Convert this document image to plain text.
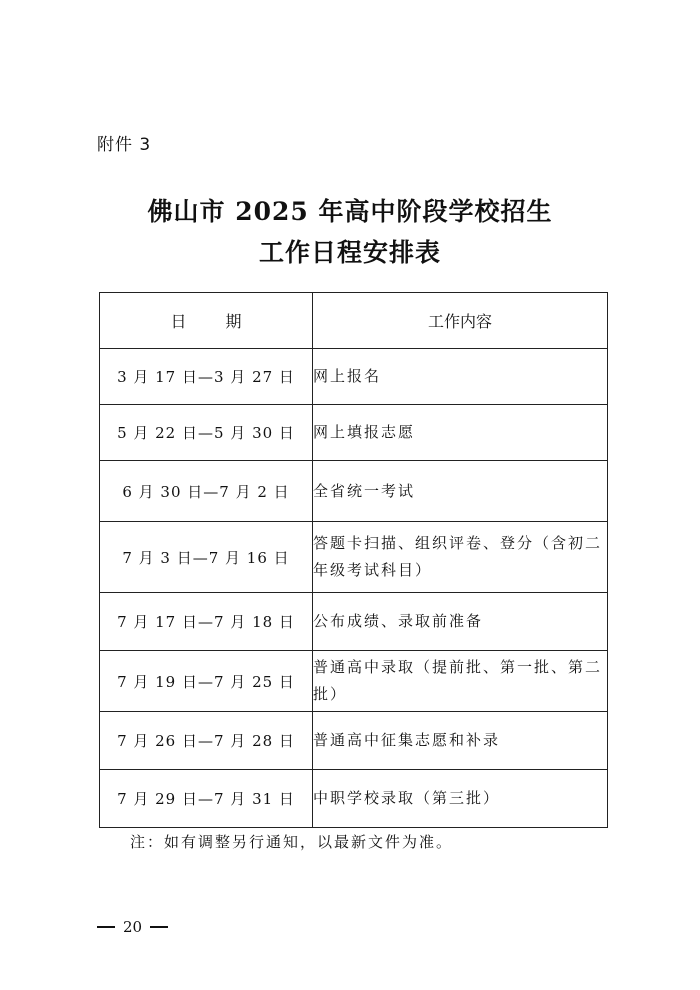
附件 3
佛山市 2025 年高中阶段学校招生
工作日程安排表
日 期	工作内容
3 月 17 日—3 月 27 日	网上报名
5 月 22 日—5 月 30 日	网上填报志愿
6 月 30 日—7 月 2 日	全省统一考试
7 月 3 日—7 月 16 日	答题卡扫描、组织评卷、登分（含初二年级考试科目）
7 月 17 日—7 月 18 日	公布成绩、录取前准备
7 月 19 日—7 月 25 日	普通高中录取（提前批、第一批、第二批）
7 月 26 日—7 月 28 日	普通高中征集志愿和补录
7 月 29 日—7 月 31 日	中职学校录取（第三批）
注：如有调整另行通知，以最新文件为准。
20
